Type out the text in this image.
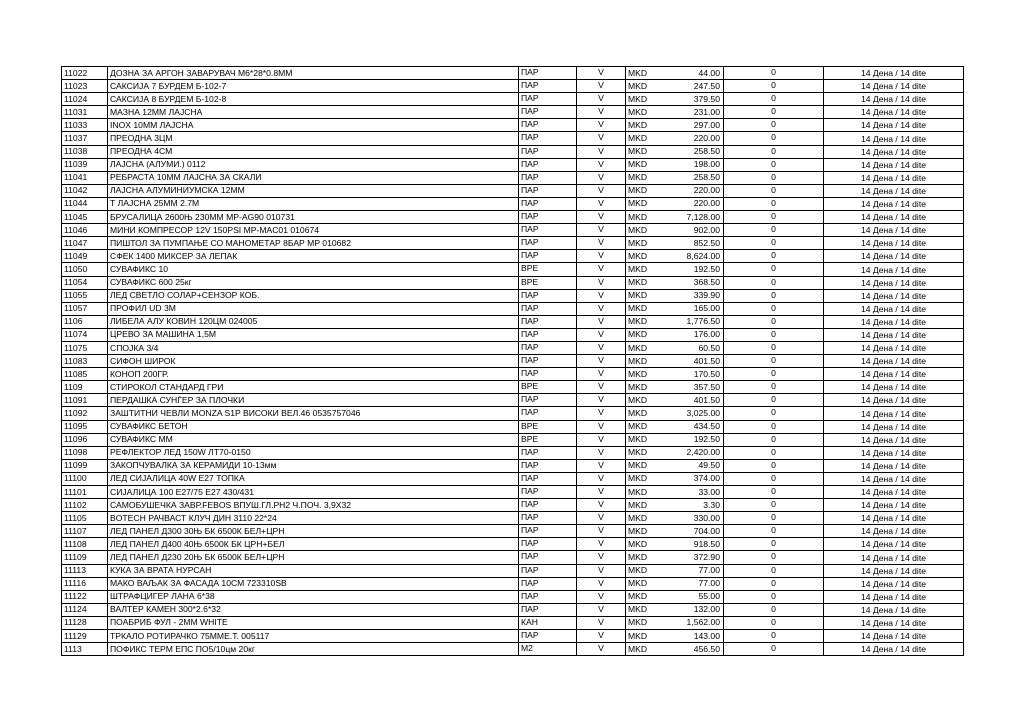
11022	ДОЗНА ЗА АРГОН ЗАВАРУВАЧ М6*28*0.8ММ	ПАР	V	MKD 44.00	0	14 Дена / 14 dite
11023	САКСИЈА 7 БУРДЕМ Б-102-7	ПАР	V	MKD 247.50	0	14 Дена / 14 dite
11024	САКСИЈА 8 БУРДЕМ Б-102-8	ПАР	V	MKD 379.50	0	14 Дена / 14 dite
11031	МАЗНА 12ММ ЛАЈСНА	ПАР	V	MKD 231.00	0	14 Дена / 14 dite
11033	INOX 10ММ ЛАЈСНА	ПАР	V	MKD 297.00	0	14 Дена / 14 dite
11037	ПРЕОДНА 3ЦМ	ПАР	V	MKD 220.00	0	14 Дена / 14 dite
11038	ПРЕОДНА 4СМ	ПАР	V	MKD 258.50	0	14 Дена / 14 dite
11039	ЛАЈСНА (АЛУМИ.) 0112	ПАР	V	MKD 198.00	0	14 Дена / 14 dite
11041	РЕБРАСТА 10ММ ЛАЈСНА ЗА СКАЛИ	ПАР	V	MKD 258.50	0	14 Дена / 14 dite
11042	ЛАЈСНА АЛУМИНИУМСКА 12ММ	ПАР	V	MKD 220.00	0	14 Дена / 14 dite
11044	Т ЛАЈСНА 25ММ 2.7М	ПАР	V	MKD 220.00	0	14 Дена / 14 dite
11045	БРУСАЛИЦА 2600Њ 230ММ MP-AG90 010731	ПАР	V	MKD 7,128.00	0	14 Дена / 14 dite
11046	МИНИ КОМПРЕСОР 12V 150PSI MP-MAC01 010674	ПАР	V	MKD 902.00	0	14 Дена / 14 dite
11047	ПИШТОЛ ЗА ПУМПАЊЕ СО МАНОМЕТАР 8БАР MP 010682	ПАР	V	MKD 852.50	0	14 Дена / 14 dite
11049	СФЕК 1400 МИКСЕР ЗА ЛЕПАК	ПАР	V	MKD 8,624.00	0	14 Дена / 14 dite
11050	СУВАФИКС 10	ВРЕ	V	MKD 192.50	0	14 Дена / 14 dite
11054	СУВАФИКС 600 25кг	ВРЕ	V	MKD 368.50	0	14 Дена / 14 dite
11055	ЛЕД СВЕТЛО СОЛАР+СЕНЗОР КОБ.	ПАР	V	MKD 339.90	0	14 Дена / 14 dite
11057	ПРОФИЛ UD 3М	ПАР	V	MKD 165.00	0	14 Дена / 14 dite
1106	ЛИБЕЛА АЛУ КОВИН 120ЦМ 024005	ПАР	V	MKD 1,776.50	0	14 Дена / 14 dite
11074	ЦРЕВО ЗА МАШИНА 1,5М	ПАР	V	MKD 176.00	0	14 Дена / 14 dite
11075	СПОЈКА 3/4	ПАР	V	MKD 60.50	0	14 Дена / 14 dite
11083	СИФОН ШИРОК	ПАР	V	MKD 401.50	0	14 Дена / 14 dite
11085	КОНОП 200ГР.	ПАР	V	MKD 170.50	0	14 Дена / 14 dite
1109	СТИРОКОЛ СТАНДАРД ГРИ	ВРЕ	V	MKD 357.50	0	14 Дена / 14 dite
11091	ПЕРДАШКА СУНЃЕР ЗА ПЛОЧКИ	ПАР	V	MKD 401.50	0	14 Дена / 14 dite
11092	ЗАШТИТНИ ЧЕВЛИ MONZA S1P ВИСОКИ ВЕЛ.46 0535757046	ПАР	V	MKD 3,025.00	0	14 Дена / 14 dite
11095	СУВАФИКС БЕТОН	ВРЕ	V	MKD 434.50	0	14 Дена / 14 dite
11096	СУВАФИКС ММ	ВРЕ	V	MKD 192.50	0	14 Дена / 14 dite
11098	РЕФЛЕКТОР ЛЕД 150W ЛТ70-0150	ПАР	V	MKD 2,420.00	0	14 Дена / 14 dite
11099	ЗАКОПЧУВАЛКА ЗА КЕРАМИДИ 10-13мм	ПАР	V	MKD 49.50	0	14 Дена / 14 dite
11100	ЛЕД СИЈАЛИЦА 40W Е27 ТОПКА	ПАР	V	MKD 374.00	0	14 Дена / 14 dite
11101	СИЈАЛИЦА 100 Е27/75 Е27 430/431	ПАР	V	MKD 33.00	0	14 Дена / 14 dite
11102	САМОБУШЕЧКА ЗАВР.FEBOS ВПУШ.ГЛ.PH2 Ч.ПОЧ. 3,9Х32	ПАР	V	MKD 3.30	0	14 Дена / 14 dite
11105	BOTECH РАЧВАСТ КЛУЧ ДИН 3110 22*24	ПАР	V	MKD 330.00	0	14 Дена / 14 dite
11107	ЛЕД ПАНЕЛ Д300 30Њ БК 6500К БЕЛ+ЦРН	ПАР	V	MKD 704.00	0	14 Дена / 14 dite
11108	ЛЕД ПАНЕЛ Д400 40Њ 6500К БК ЦРН+БЕЛ	ПАР	V	MKD 918.50	0	14 Дена / 14 dite
11109	ЛЕД ПАНЕЛ Д230 20Њ БК 6500К БЕЛ+ЦРН	ПАР	V	MKD 372.90	0	14 Дена / 14 dite
11113	КУКА ЗА ВРАТА НУРСАН	ПАР	V	MKD 77.00	0	14 Дена / 14 dite
11116	МАКО ВАЉАК ЗА ФАСАДА 10СМ 723310SB	ПАР	V	MKD 77.00	0	14 Дена / 14 dite
11122	ШТРАФЦИГЕР ЛАНА 6*38	ПАР	V	MKD 55.00	0	14 Дена / 14 dite
11124	ВАЛТЕР КАМЕН 300*2.6*32	ПАР	V	MKD 132.00	0	14 Дена / 14 dite
11128	ПОАБРИБ ФУЛ - 2ММ WHITE	КАН	V	MKD 1,562.00	0	14 Дена / 14 dite
11129	ТРКАЛО РОТИРАЧКО 75ММЕ.Т. 005117	ПАР	V	MKD 143.00	0	14 Дена / 14 dite
1113	ПОФИКС ТЕРМ ЕПС ПО5/10цм 20кг	М2	V	MKD 456.50	0	14 Дена / 14 dite
